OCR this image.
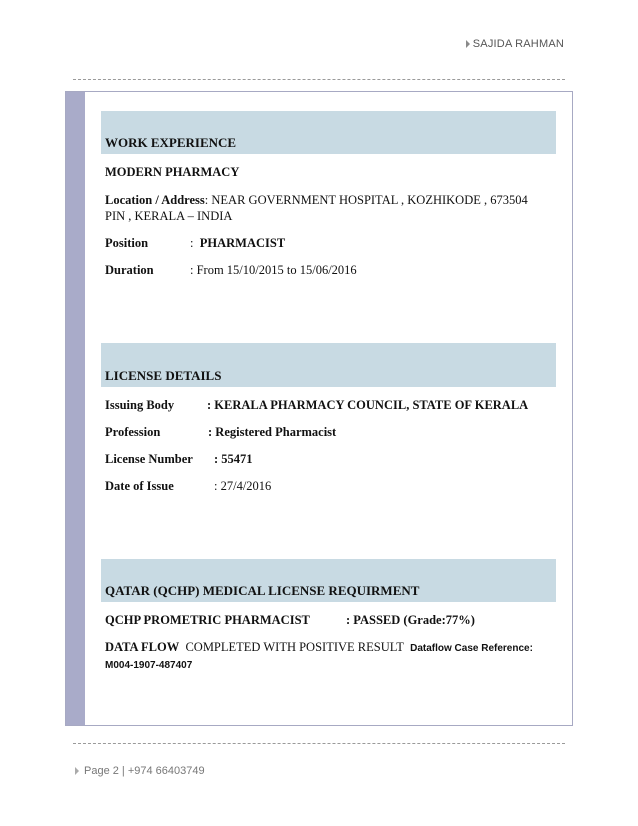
SAJIDA RAHMAN
WORK EXPERIENCE
MODERN PHARMACY
Location / Address: NEAR GOVERNMENT HOSPITAL , KOZHIKODE , 673504
PIN , KERALA – INDIA
Position	: PHARMACIST
Duration	: From 15/10/2015 to 15/06/2016
LICENSE DETAILS
Issuing Body	: KERALA PHARMACY COUNCIL, STATE OF KERALA
Profession	: Registered Pharmacist
License Number : 55471
Date of Issue	: 27/4/2016
QATAR (QCHP) MEDICAL LICENSE REQUIRMENT
QCHP PROMETRIC PHARMACIST	: PASSED (Grade:77%)
DATA FLOW COMPLETED WITH POSITIVE RESULT Dataflow Case Reference:
M004-1907-487407
Page 2 | +974 66403749
